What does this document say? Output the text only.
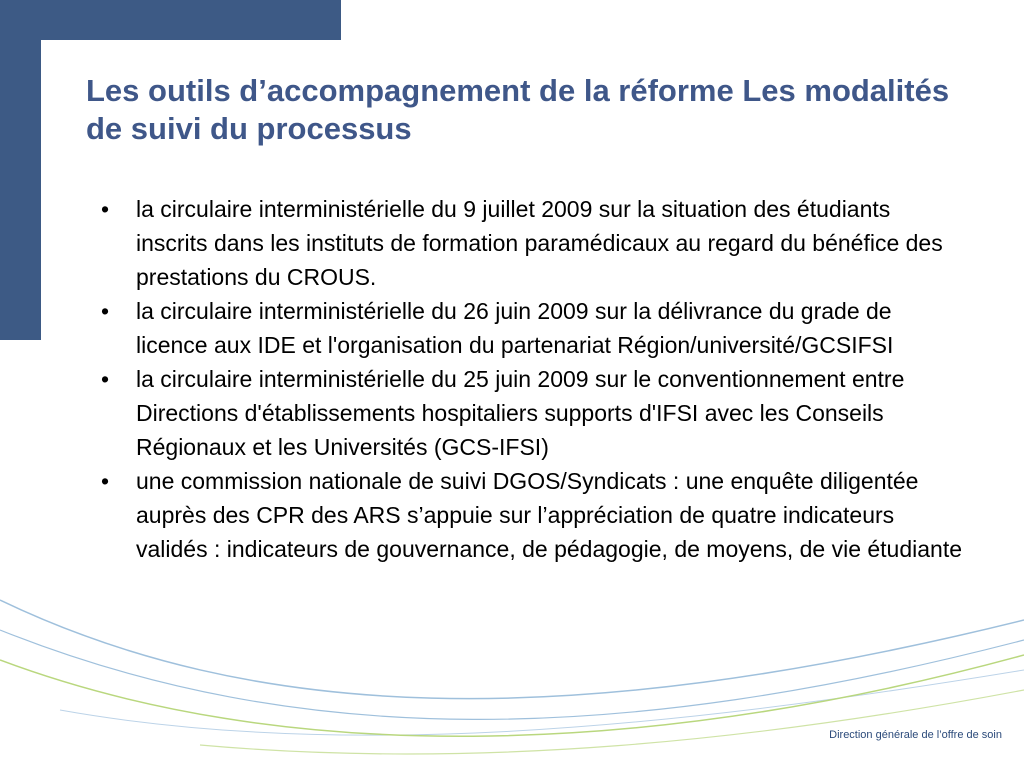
Les outils d’accompagnement de la réforme Les modalités de suivi du processus
• la circulaire interministérielle du 9 juillet 2009 sur la situation des étudiants inscrits dans les instituts de formation paramédicaux au regard du bénéfice des prestations du CROUS.
• la circulaire interministérielle du 26 juin 2009 sur la délivrance du grade de licence aux IDE et l'organisation du partenariat Région/université/GCSIFSI
• la circulaire interministérielle du 25 juin 2009 sur le conventionnement entre Directions d'établissements hospitaliers supports d'IFSI avec les Conseils Régionaux et les Universités (GCS-IFSI)
• une commission nationale de suivi DGOS/Syndicats : une enquête diligentée auprès des CPR des ARS s’appuie sur l’appréciation de quatre indicateurs validés : indicateurs de gouvernance, de pédagogie, de moyens, de vie étudiante
Direction générale de l’offre de soin
